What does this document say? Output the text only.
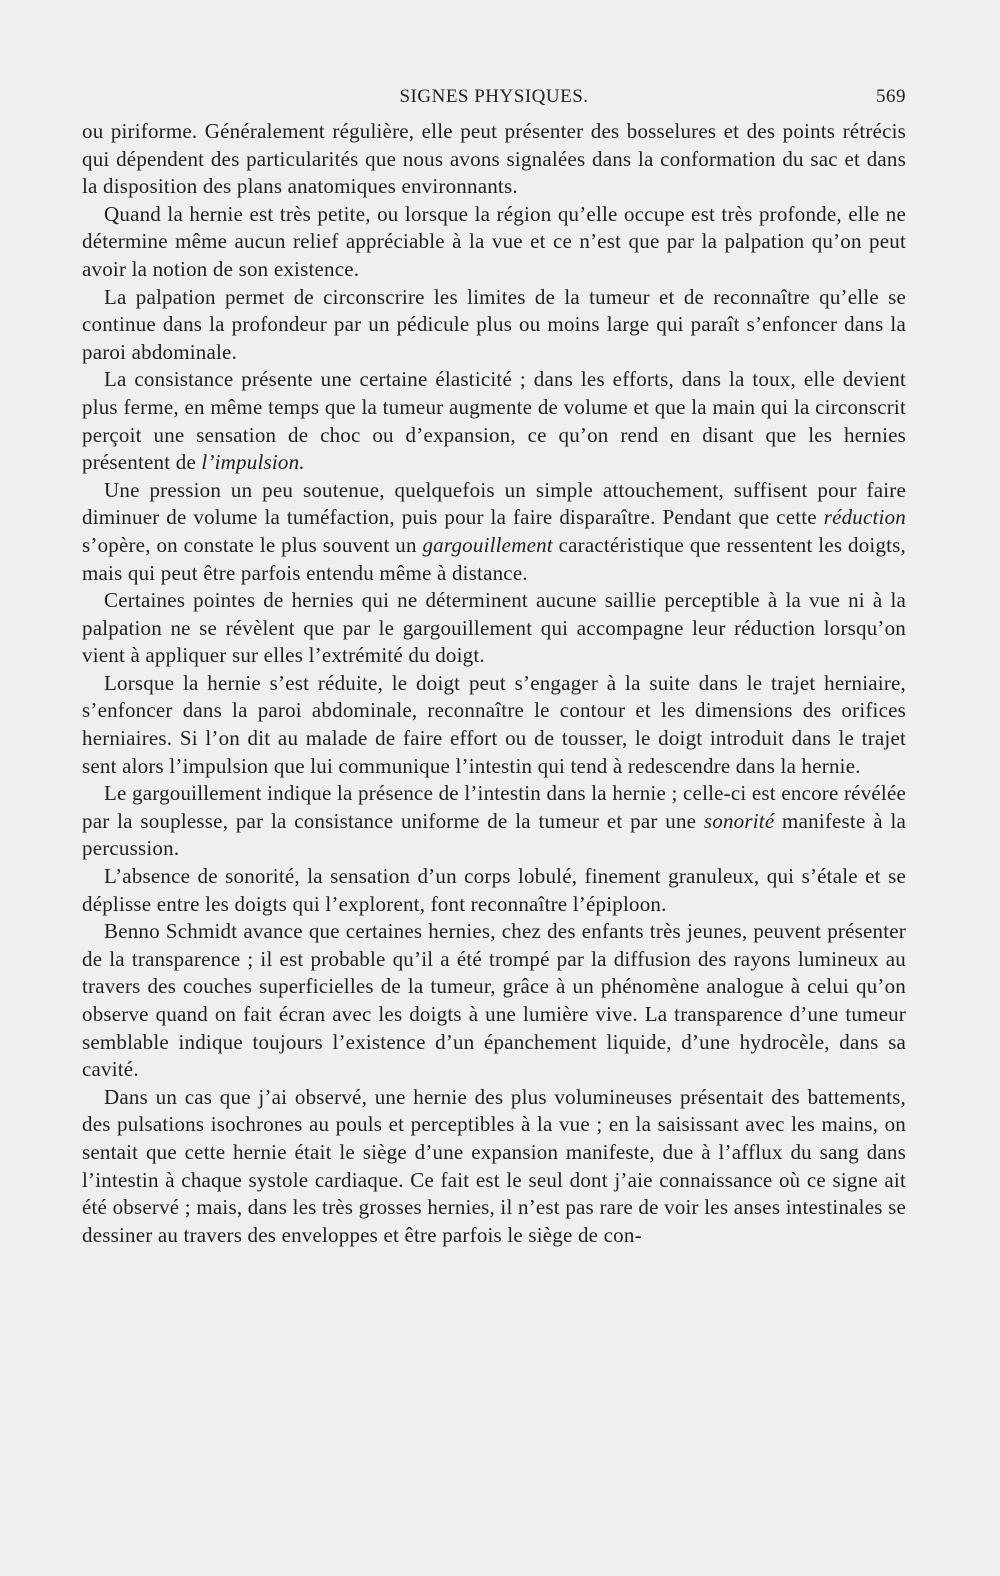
SIGNES PHYSIQUES.	569

ou piriforme. Généralement régulière, elle peut présenter des bosselures et des points rétrécis qui dépendent des particularités que nous avons signalées dans la conformation du sac et dans la disposition des plans anatomiques environnants.

Quand la hernie est très petite, ou lorsque la région qu’elle occupe est très profonde, elle ne détermine même aucun relief appréciable à la vue et ce n’est que par la palpation qu’on peut avoir la notion de son existence.

La palpation permet de circonscrire les limites de la tumeur et de reconnaître qu’elle se continue dans la profondeur par un pédicule plus ou moins large qui paraît s’enfoncer dans la paroi abdominale.

La consistance présente une certaine élasticité ; dans les efforts, dans la toux, elle devient plus ferme, en même temps que la tumeur augmente de volume et que la main qui la circonscrit perçoit une sensation de choc ou d’expansion, ce qu’on rend en disant que les hernies présentent de l’impulsion.

Une pression un peu soutenue, quelquefois un simple attouchement, suffisent pour faire diminuer de volume la tuméfaction, puis pour la faire disparaître. Pendant que cette réduction s’opère, on constate le plus souvent un gargouillement caractéristique que ressentent les doigts, mais qui peut être parfois entendu même à distance.

Certaines pointes de hernies qui ne déterminent aucune saillie perceptible à la vue ni à la palpation ne se révèlent que par le gargouillement qui accompagne leur réduction lorsqu’on vient à appliquer sur elles l’extrémité du doigt.

Lorsque la hernie s’est réduite, le doigt peut s’engager à la suite dans le trajet herniaire, s’enfoncer dans la paroi abdominale, reconnaître le contour et les dimensions des orifices herniaires. Si l’on dit au malade de faire effort ou de tousser, le doigt introduit dans le trajet sent alors l’impulsion que lui communique l’intestin qui tend à redescendre dans la hernie.

Le gargouillement indique la présence de l’intestin dans la hernie ; celle-ci est encore révélée par la souplesse, par la consistance uniforme de la tumeur et par une sonorité manifeste à la percussion.

L’absence de sonorité, la sensation d’un corps lobulé, finement granuleux, qui s’étale et se déplisse entre les doigts qui l’explorent, font reconnaître l’épiploon.

Benno Schmidt avance que certaines hernies, chez des enfants très jeunes, peuvent présenter de la transparence ; il est probable qu’il a été trompé par la diffusion des rayons lumineux au travers des couches superficielles de la tumeur, grâce à un phénomène analogue à celui qu’on observe quand on fait écran avec les doigts à une lumière vive. La transparence d’une tumeur semblable indique toujours l’existence d’un épanchement liquide, d’une hydrocèle, dans sa cavité.

Dans un cas que j’ai observé, une hernie des plus volumineuses présentait des battements, des pulsations isochrones au pouls et perceptibles à la vue ; en la saisissant avec les mains, on sentait que cette hernie était le siège d’une expansion manifeste, due à l’afflux du sang dans l’intestin à chaque systole cardiaque. Ce fait est le seul dont j’aie connaissance où ce signe ait été observé ; mais, dans les très grosses hernies, il n’est pas rare de voir les anses intestinales se dessiner au travers des enveloppes et être parfois le siège de con-
